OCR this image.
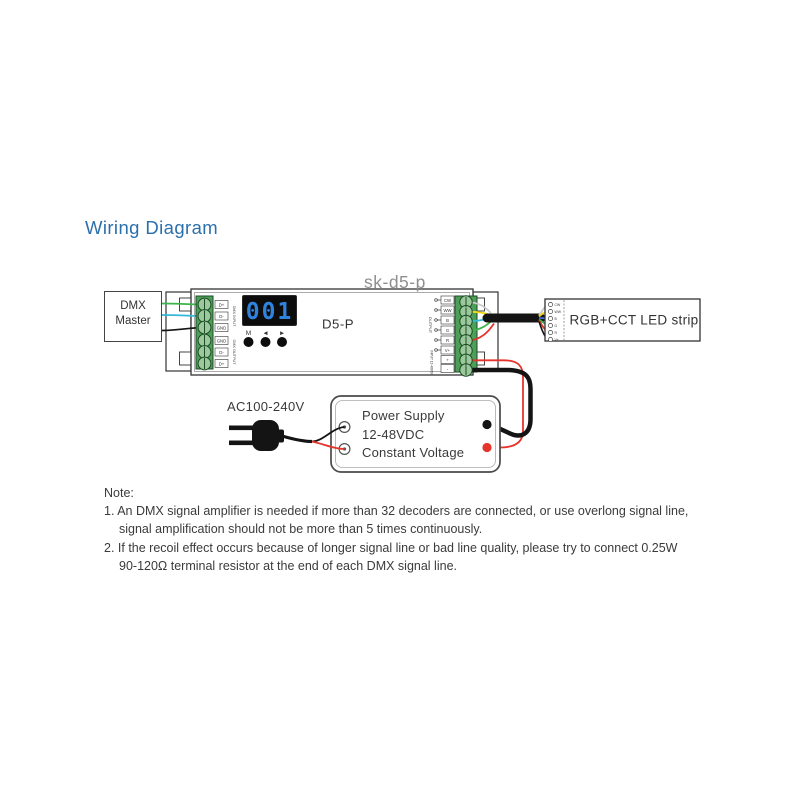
D+
D-
GND
GND
D-
D+
DMX INPUT
DMX OUTPUT
001
M	◀	▶
D5-P
CW
WW
B
G
R
V+
+
-
OUTPUT
INPUT 12-48VDC
CW
WW
B
G
R
V+
RGB+CCT LED strip
Wiring Diagram
sk-d5-p
DMX
Master
AC100-240V
Power Supply
12-48VDC
Constant Voltage
Note:
1. An DMX signal amplifier is needed if more than 32 decoders are connected, or use overlong signal line,
signal amplification should not be more than 5 times continuously.
2. If the recoil effect occurs because of longer signal line or bad line quality, please try to connect 0.25W
90-120Ω terminal resistor at the end of each DMX signal line.
